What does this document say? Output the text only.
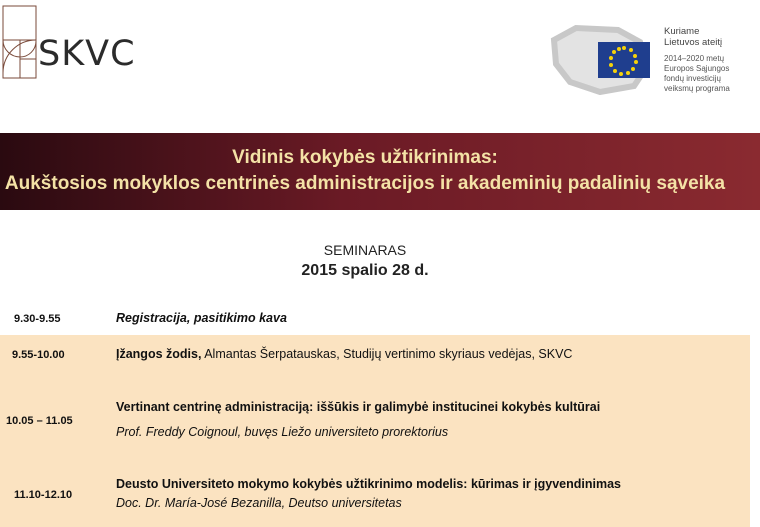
SKVC
Kuriame
Lietuvos ateitį
2014–2020 metų
Europos Sąjungos
fondų investicijų
veiksmų programa
Vidinis kokybės užtikrinimas:
Aukštosios mokyklos centrinės administracijos ir akademinių padalinių sąveika
SEMINARAS
2015 spalio 28 d.
9.30-9.55	Registracija, pasitikimo kava
9.55-10.00	Įžangos žodis, Almantas Šerpatauskas, Studijų vertinimo skyriaus vedėjas, SKVC
10.05 – 11.05
Vertinant centrinę administraciją: iššūkis ir galimybė institucinei kokybės kultūrai
Prof. Freddy Coignoul, buvęs Liežo universiteto prorektorius
11.10-12.10
Deusto Universiteto mokymo kokybės užtikrinimo modelis: kūrimas ir įgyvendinimas
Doc. Dr. María-José Bezanilla, Deutso universitetas
